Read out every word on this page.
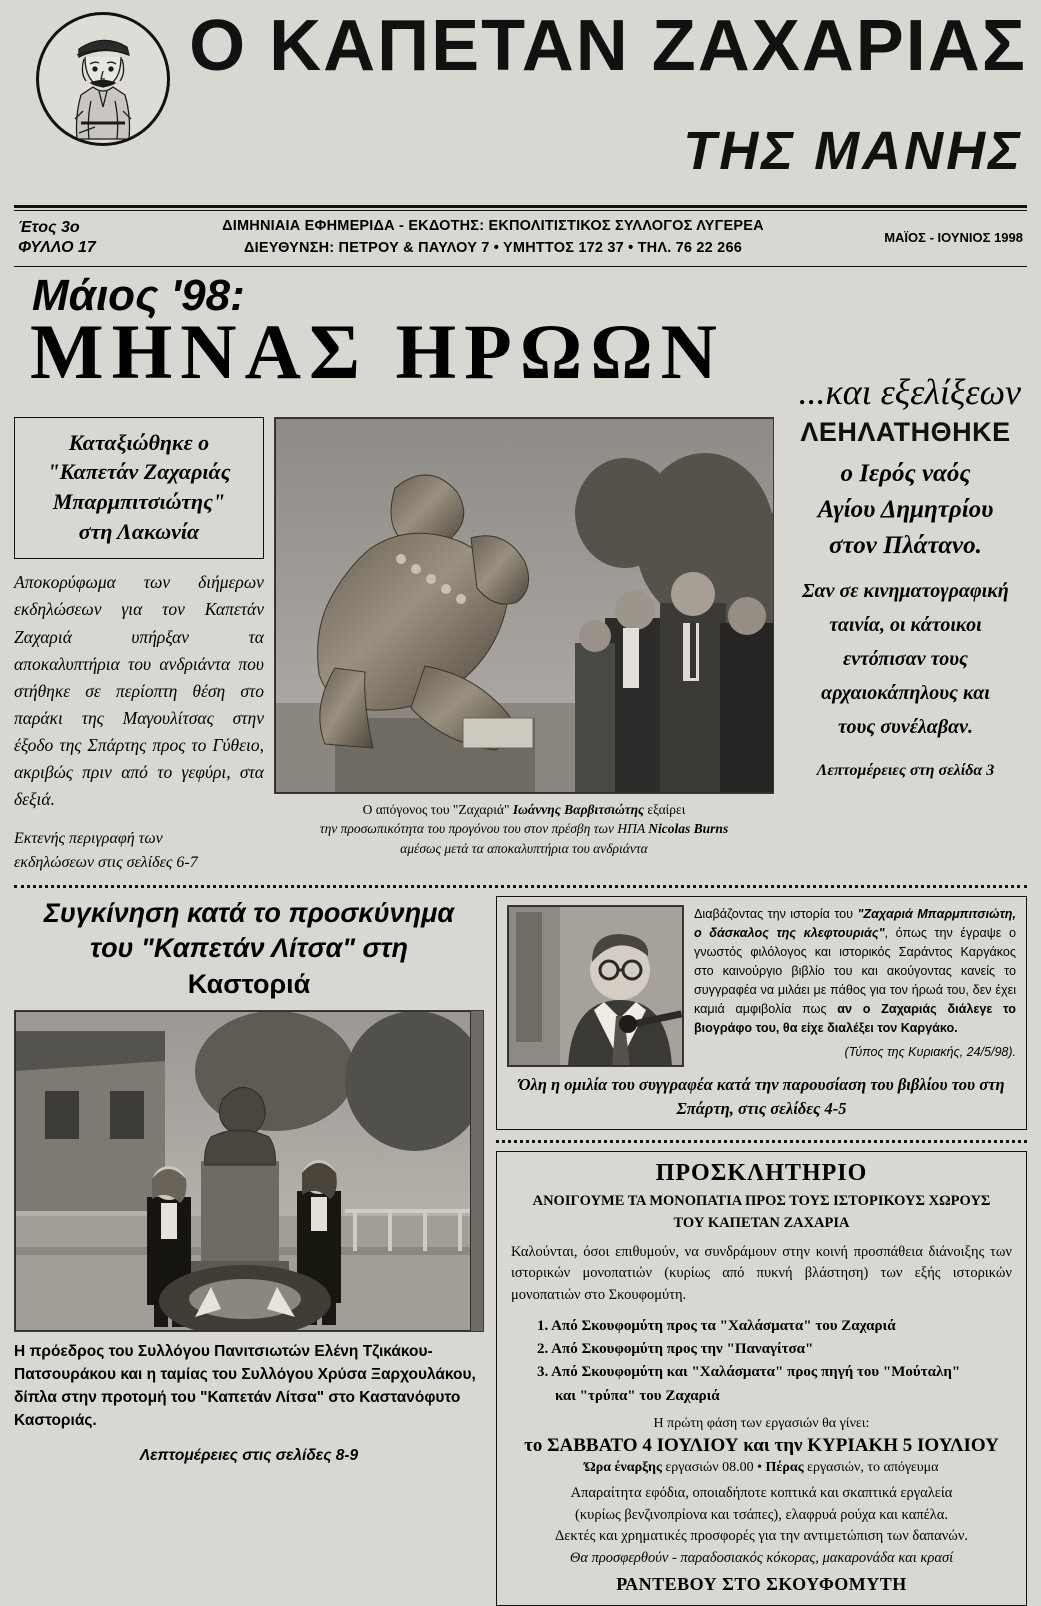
Ο ΚΑΠΕΤΑΝ ΖΑΧΑΡΙΑΣ
ΤΗΣ ΜΑΝΗΣ
Έτος 3ο
ΦΥΛΛΟ 17
ΔΙΜΗΝΙΑΙΑ ΕΦΗΜΕΡΙΔΑ - ΕΚΔΟΤΗΣ: ΕΚΠΟΛΙΤΙΣΤΙΚΟΣ ΣΥΛΛΟΓΟΣ ΛΥΓΕΡΕΑ
ΔΙΕΥΘΥΝΣΗ: ΠΕΤΡΟΥ & ΠΑΥΛΟΥ 7 • ΥΜΗΤΤΟΣ 172 37 • ΤΗΛ. 76 22 266
ΜΑΪΟΣ - ΙΟΥΝΙΟΣ 1998
Μάιος '98:
ΜΗΝΑΣ ΗΡΩΩΝ	...και εξελίξεων
Καταξιώθηκε ο
"Καπετάν Ζαχαριάς
Μπαρμπιτσιώτης"
στη Λακωνία
Αποκορύφωμα των διήμερων εκδηλώσεων για τον Καπετάν Ζαχαριά υπήρξαν τα αποκαλυπτήρια του ανδριάντα που στήθηκε σε περίοπτη θέση στο παράκι της Μαγουλίτσας στην έξοδο της Σπάρτης προς το Γύθειο, ακριβώς πριν από το γεφύρι, στα δεξιά.
Εκτενής περιγραφή των
εκδηλώσεων στις σελίδες 6-7
Ο απόγονος του "Ζαχαριά" Ιωάννης Βαρβιτσιώτης εξαίρει
την προσωπικότητα του προγόνου του στον πρέσβη των ΗΠΑ Nicolas Burns
αμέσως μετά τα αποκαλυπτήρια του ανδριάντα
ΛΕΗΛΑΤΗΘΗΚΕ
ο Ιερός ναός
Αγίου Δημητρίου
στον Πλάτανο.
Σαν σε κινηματογραφική
ταινία, οι κάτοικοι
εντόπισαν τους
αρχαιοκάπηλους και
τους συνέλαβαν.
Λεπτομέρειες στη σελίδα 3
Συγκίνηση κατά το προσκύνημα
του "Καπετάν Λίτσα" στη
Καστοριά
Η πρόεδρος του Συλλόγου Πανιτσιωτών Ελένη Τζικάκου-Πατσουράκου και η ταμίας του Συλλόγου Χρύσα Ξαρχουλάκου, δίπλα στην προτομή του "Καπετάν Λίτσα" στο Καστανόφυτο Καστοριάς.
Λεπτομέρειες στις σελίδες 8-9
Διαβάζοντας την ιστορία του "Ζαχαριά Μπαρμπιτσιώτη, ο δάσκαλος της κλεφτουριάς", όπως την έγραψε ο γνωστός φιλόλογος και ιστορικός Σαράντος Καργάκος στο καινούργιο βιβλίο του και ακούγοντας κανείς το συγγραφέα να μιλάει με πάθος για τον ήρωά του, δεν έχει καμιά αμφιβολία πως αν ο Ζαχαριάς διάλεγε το βιογράφο του, θα είχε διαλέξει τον Καργάκο.
(Τύπος της Κυριακής, 24/5/98).
Όλη η ομιλία του συγγραφέα κατά την παρουσίαση του βιβλίου του στη
Σπάρτη, στις σελίδες 4-5
ΠΡΟΣΚΛΗΤΗΡΙΟ
ΑΝΟΙΓΟΥΜΕ ΤΑ ΜΟΝΟΠΑΤΙΑ ΠΡΟΣ ΤΟΥΣ ΙΣΤΟΡΙΚΟΥΣ ΧΩΡΟΥΣ
ΤΟΥ ΚΑΠΕΤΑΝ ΖΑΧΑΡΙΑ
Καλούνται, όσοι επιθυμούν, να συνδράμουν στην κοινή προσπάθεια διάνοιξης των ιστορικών μονοπατιών (κυρίως από πυκνή βλάστηση) των εξής ιστορικών μονοπατιών στο Σκουφομύτη.
1. Από Σκουφομύτη προς τα "Χαλάσματα" του Ζαχαριά
2. Από Σκουφομύτη προς την "Παναγίτσα"
3. Από Σκουφομύτη και "Χαλάσματα" προς πηγή του "Μούταλη"
και "τρύπα" του Ζαχαριά
Η πρώτη φάση των εργασιών θα γίνει:
το ΣΑΒΒΑΤΟ 4 ΙΟΥΛΙΟΥ και την ΚΥΡΙΑΚΗ 5 ΙΟΥΛΙΟΥ
Ώρα έναρξης εργασιών 08.00 • Πέρας εργασιών, το απόγευμα
Απαραίτητα εφόδια, οποιαδήποτε κοπτικά και σκαπτικά εργαλεία
(κυρίως βενζινοπρίονα και τσάπες), ελαφρυά ρούχα και καπέλα.
Δεκτές και χρηματικές προσφορές για την αντιμετώπιση των δαπανών.
Θα προσφερθούν - παραδοσιακός κόκορας, μακαρονάδα και κρασί
ΡΑΝΤΕΒΟΥ ΣΤΟ ΣΚΟΥΦΟΜΥΤΗ
